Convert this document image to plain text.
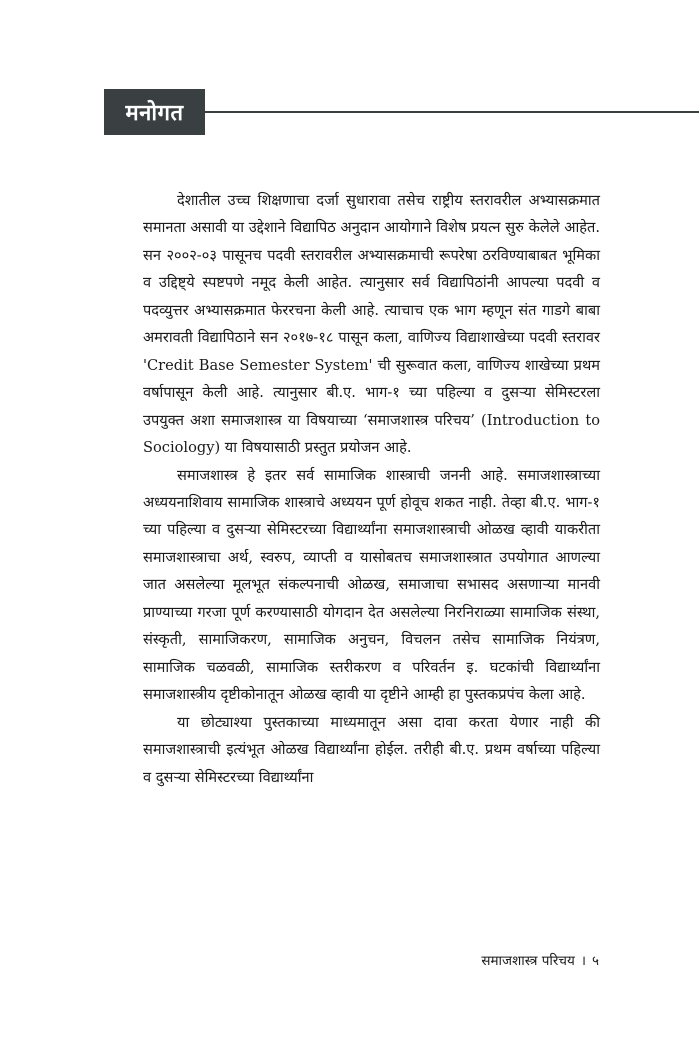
मनोगत

देशातील उच्च शिक्षणाचा दर्जा सुधारावा तसेच राष्ट्रीय स्तरावरील अभ्यासक्रमात समानता असावी या उद्देशाने विद्यापिठ अनुदान आयोगाने विशेष प्रयत्न सुरु केलेले आहेत. सन २००२-०३ पासूनच पदवी स्तरावरील अभ्यासक्रमाची रूपरेषा ठरविण्याबाबत भूमिका व उद्दिष्ट्ये स्पष्टपणे नमूद केली आहेत. त्यानुसार सर्व विद्यापिठांनी आपल्या पदवी व पदव्युत्तर अभ्यासक्रमात फेररचना केली आहे. त्याचाच एक भाग म्हणून संत गाडगे बाबा अमरावती विद्यापिठाने सन २०१७-१८ पासून कला, वाणिज्य विद्याशाखेच्या पदवी स्तरावर 'Credit Base Semester System' ची सुरूवात कला, वाणिज्य शाखेच्या प्रथम वर्षापासून केली आहे. त्यानुसार बी.ए. भाग-१ च्या पहिल्या व दुसऱ्या सेमिस्टरला उपयुक्त अशा समाजशास्त्र या विषयाच्या ‘समाजशास्त्र परिचय’ (Introduction to Sociology) या विषयासाठी प्रस्तुत प्रयोजन आहे.

समाजशास्त्र हे इतर सर्व सामाजिक शास्त्राची जननी आहे. समाजशास्त्राच्या अध्ययनाशिवाय सामाजिक शास्त्राचे अध्ययन पूर्ण होवूच शकत नाही. तेव्हा बी.ए. भाग-१ च्या पहिल्या व दुसऱ्या सेमिस्टरच्या विद्यार्थ्यांना समाजशास्त्राची ओळख व्हावी याकरीता समाजशास्त्राचा अर्थ, स्वरुप, व्याप्ती व यासोबतच समाजशास्त्रात उपयोगात आणल्या जात असलेल्या मूलभूत संकल्पनाची ओळख, समाजाचा सभासद असणाऱ्या मानवी प्राण्याच्या गरजा पूर्ण करण्यासाठी योगदान देत असलेल्या निरनिराळ्या सामाजिक संस्था, संस्कृती, सामाजिकरण, सामाजिक अनुचन, विचलन तसेच सामाजिक नियंत्रण, सामाजिक चळवळी, सामाजिक स्तरीकरण व परिवर्तन इ. घटकांची विद्यार्थ्यांना समाजशास्त्रीय दृष्टीकोनातून ओळख व्हावी या दृष्टीने आम्ही हा पुस्तकप्रपंच केला आहे.

या छोट्याश्या पुस्तकाच्या माध्यमातून असा दावा करता येणार नाही की समाजशास्त्राची इत्यंभूत ओळख विद्यार्थ्यांना होईल. तरीही बी.ए. प्रथम वर्षाच्या पहिल्या व दुसऱ्या सेमिस्टरच्या विद्यार्थ्यांना

समाजशास्त्र परिचय । ५
